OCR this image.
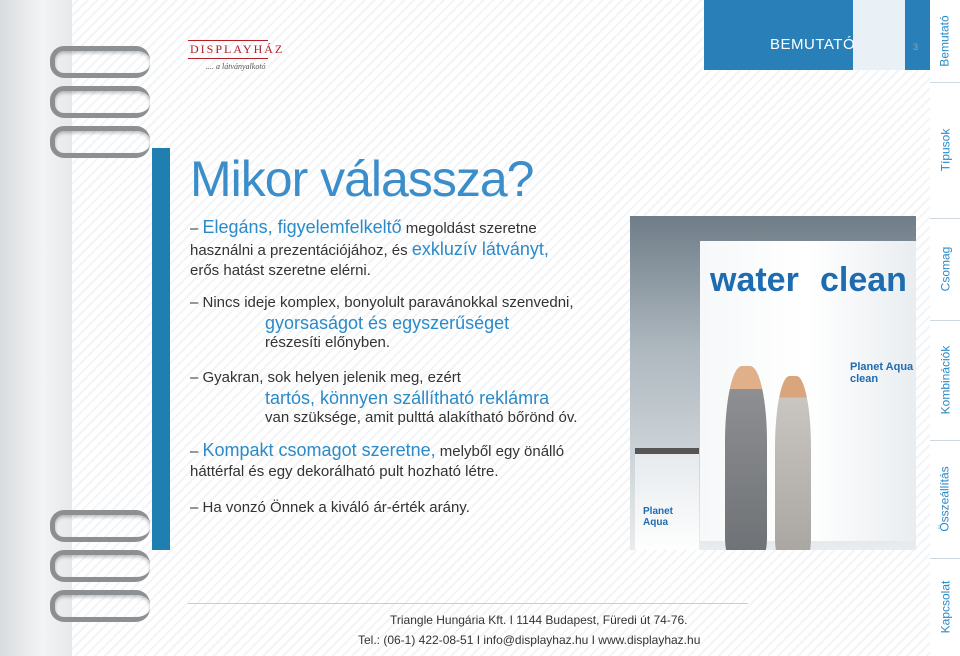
DISPLAYHÁZ
.... a látványalkotó
BEMUTATÓ	3
Mikor válassza?
– Elegáns, figyelemfelkeltő megoldást szeretne
használni a prezentációjához, és exkluzív látványt,
erős hatást szeretne elérni.
– Nincs ideje komplex, bonyolult paravánokkal szenvedni,
gyorsaságot és egyszerűséget
részesíti előnyben.
– Gyakran, sok helyen jelenik meg, ezért
tartós, könnyen szállítható reklámra
van szüksége, amit pulttá alakítható bőrönd óv.
– Kompakt csomagot szeretne, melyből egy önálló
háttérfal és egy dekorálható pult hozható létre.
– Ha vonzó Önnek a kiváló ár-érték arány.
water clean
Planet Aqua clean
Planet Aqua
Bemutató
Típusok
Csomag
Kombinációk
Összeállítás
Kapcsolat
Triangle Hungária Kft. I 1144 Budapest, Füredi út 74-76.
Tel.: (06-1) 422-08-51 I info@displayhaz.hu I www.displayhaz.hu
